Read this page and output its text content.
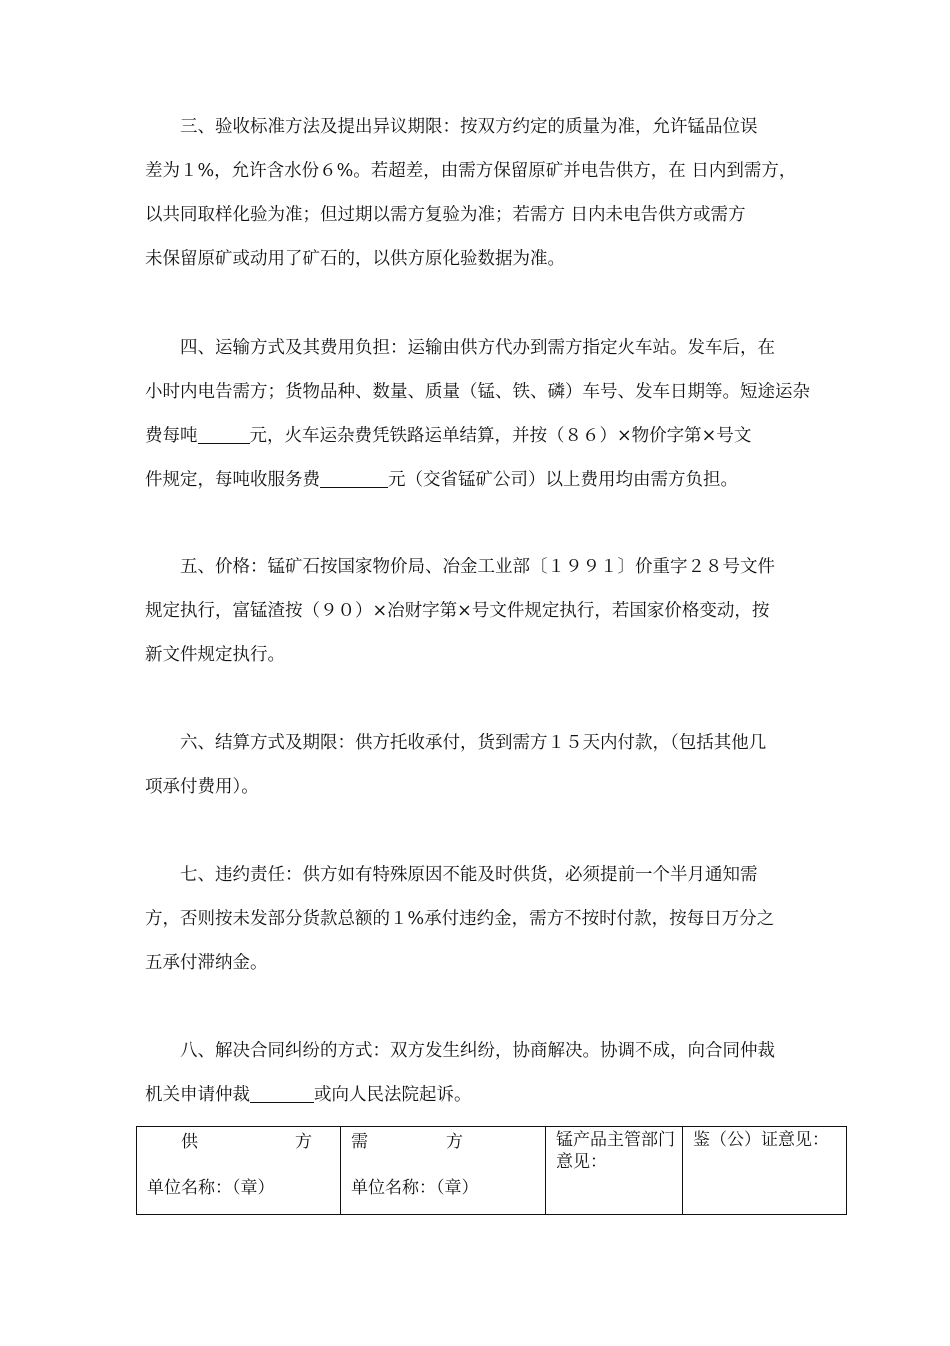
三、验收标准方法及提出异议期限：按双方约定的质量为准，允许锰品位误
差为１%，允许含水份６%。若超差，由需方保留原矿并电告供方，在 日内到需方，
以共同取样化验为准；但过期以需方复验为准；若需方 日内未电告供方或需方
未保留原矿或动用了矿石的，以供方原化验数据为准。
四、运输方式及其费用负担：运输由供方代办到需方指定火车站。发车后，在
小时内电告需方；货物品种、数量、质量（锰、铁、磷）车号、发车日期等。短途运杂
费每吨	元，火车运杂费凭铁路运单结算，并按（８６）×物价字第×号文
件规定，每吨收服务费	元（交省锰矿公司）以上费用均由需方负担。
五、价格：锰矿石按国家物价局、冶金工业部〔１９９１〕价重字２８号文件
规定执行，富锰渣按（９０）×冶财字第×号文件规定执行，若国家价格变动，按
新文件规定执行。
六、结算方式及期限：供方托收承付，货到需方１５天内付款，（包括其他几
项承付费用）。
七、违约责任：供方如有特殊原因不能及时供货，必须提前一个半月通知需
方，否则按未发部分货款总额的１%承付违约金，需方不按时付款，按每日万分之
五承付滞纳金。
八、解决合同纠纷的方式：双方发生纠纷，协商解决。协调不成，向合同仲裁
机关申请仲裁	或向人民法院起诉。
供	方
单位名称：（章）

需	方
单位名称：（章）

锰产品主管部门意见：

鉴（公）证意见：
